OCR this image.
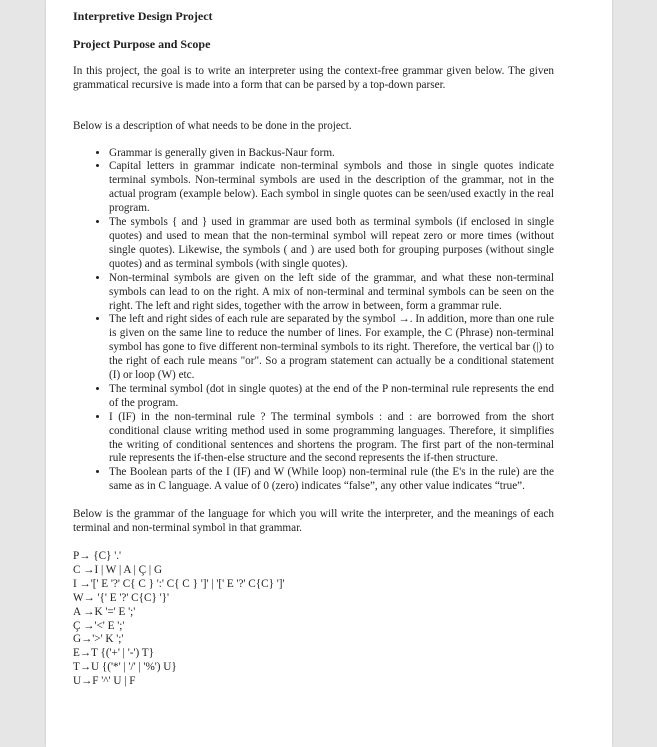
Interpretive Design Project
Project Purpose and Scope

In this project, the goal is to write an interpreter using the context-free grammar given below. The given grammatical recursive is made into a form that can be parsed by a top-down parser.

Below is a description of what needs to be done in the project.

• Grammar is generally given in Backus-Naur form.
• Capital letters in grammar indicate non-terminal symbols and those in single quotes indicate terminal symbols. Non-terminal symbols are used in the description of the grammar, not in the actual program (example below). Each symbol in single quotes can be seen/used exactly in the real program.
• The symbols { and } used in grammar are used both as terminal symbols (if enclosed in single quotes) and used to mean that the non-terminal symbol will repeat zero or more times (without single quotes). Likewise, the symbols ( and ) are used both for grouping purposes (without single quotes) and as terminal symbols (with single quotes).
• Non-terminal symbols are given on the left side of the grammar, and what these non-terminal symbols can lead to on the right. A mix of non-terminal and terminal symbols can be seen on the right. The left and right sides, together with the arrow in between, form a grammar rule.
• The left and right sides of each rule are separated by the symbol →. In addition, more than one rule is given on the same line to reduce the number of lines. For example, the C (Phrase) non-terminal symbol has gone to five different non-terminal symbols to its right. Therefore, the vertical bar (|) to the right of each rule means "or". So a program statement can actually be a conditional statement (I) or loop (W) etc.
• The terminal symbol (dot in single quotes) at the end of the P non-terminal rule represents the end of the program.
• I (IF) in the non-terminal rule ? The terminal symbols : and : are borrowed from the short conditional clause writing method used in some programming languages. Therefore, it simplifies the writing of conditional sentences and shortens the program. The first part of the non-terminal rule represents the if-then-else structure and the second represents the if-then structure.
• The Boolean parts of the I (IF) and W (While loop) non-terminal rule (the E's in the rule) are the same as in C language. A value of 0 (zero) indicates “false”, any other value indicates “true”.

Below is the grammar of the language for which you will write the interpreter, and the meanings of each terminal and non-terminal symbol in that grammar.

P→ {C} '.'
C →I | W | A | Ç | G
I →'[' E '?' C{ C } ':' C{ C } ']' | '[' E '?' C{C} ']'
W→ '{' E '?' C{C} '}'
A →K '=' E ';'
Ç →'<' E ';'
G→'>' K ';'
E→T {('+' | '-') T}
T→U {('*' | '/' | '%') U}
U→F '^' U | F
